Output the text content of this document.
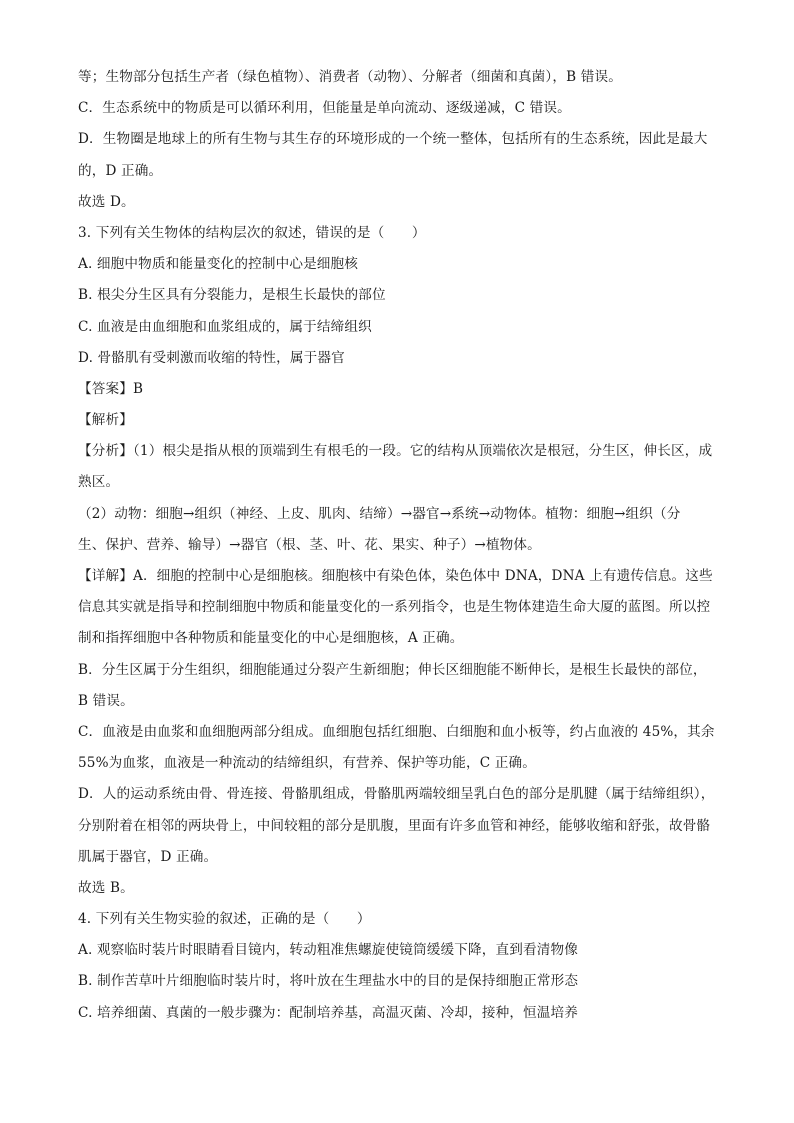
等；生物部分包括生产者（绿色植物）、消费者（动物）、分解者（细菌和真菌），B 错误。
C．生态系统中的物质是可以循环利用，但能量是单向流动、逐级递减，C 错误。
D．生物圈是地球上的所有生物与其生存的环境形成的一个统一整体，包括所有的生态系统，因此是最大
的，D 正确。
故选 D。
3. 下列有关生物体的结构层次的叙述，错误的是（　　）
A. 细胞中物质和能量变化的控制中心是细胞核
B. 根尖分生区具有分裂能力，是根生长最快的部位
C. 血液是由血细胞和血浆组成的，属于结缔组织
D. 骨骼肌有受刺激而收缩的特性，属于器官
【答案】B
【解析】
【分析】（1）根尖是指从根的顶端到生有根毛的一段。它的结构从顶端依次是根冠，分生区，伸长区，成
熟区。
（2）动物：细胞→组织（神经、上皮、肌肉、结缔）→器官→系统→动物体。植物：细胞→组织（分
生、保护、营养、输导）→器官（根、茎、叶、花、果实、种子）→植物体。
【详解】A．细胞的控制中心是细胞核。细胞核中有染色体，染色体中 DNA，DNA 上有遗传信息。这些
信息其实就是指导和控制细胞中物质和能量变化的一系列指令，也是生物体建造生命大厦的蓝图。所以控
制和指挥细胞中各种物质和能量变化的中心是细胞核，A 正确。
B．分生区属于分生组织，细胞能通过分裂产生新细胞；伸长区细胞能不断伸长，是根生长最快的部位，
B 错误。
C．血液是由血浆和血细胞两部分组成。血细胞包括红细胞、白细胞和血小板等，约占血液的 45%，其余
55%为血浆，血液是一种流动的结缔组织，有营养、保护等功能，C 正确。
D．人的运动系统由骨、骨连接、骨骼肌组成，骨骼肌两端较细呈乳白色的部分是肌腱（属于结缔组织），
分别附着在相邻的两块骨上，中间较粗的部分是肌腹，里面有许多血管和神经，能够收缩和舒张，故骨骼
肌属于器官，D 正确。
故选 B。
4. 下列有关生物实验的叙述，正确的是（　　）
A. 观察临时装片时眼睛看目镜内，转动粗准焦螺旋使镜筒缓缓下降，直到看清物像
B. 制作苦草叶片细胞临时装片时，将叶放在生理盐水中的目的是保持细胞正常形态
C. 培养细菌、真菌的一般步骤为：配制培养基，高温灭菌、冷却，接种，恒温培养
